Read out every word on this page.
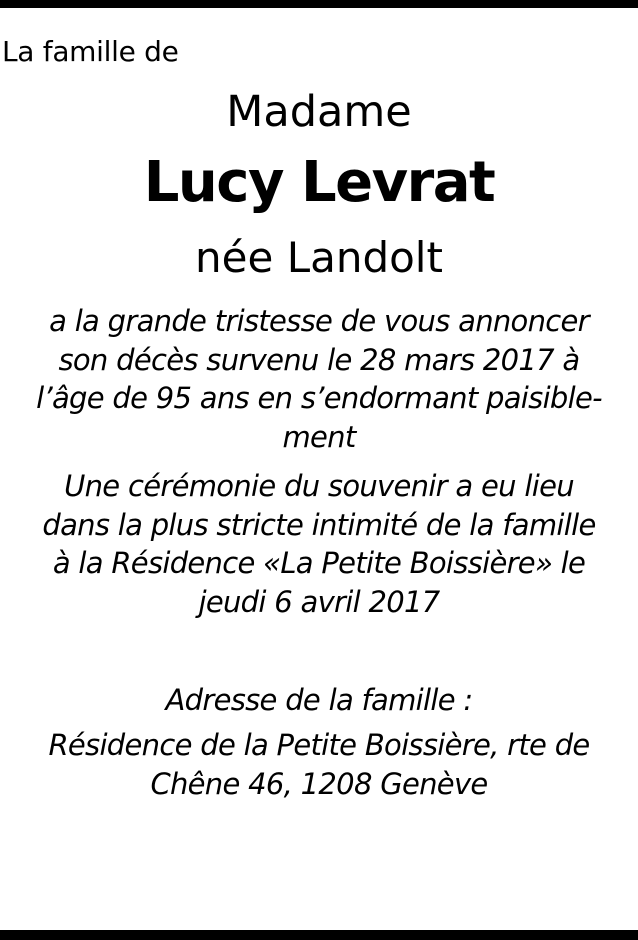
La famille de
Madame
Lucy Levrat
née Landolt
a la grande tristesse de vous annoncer
son décès survenu le 28 mars 2017 à
l’âge de 95 ans en s’endormant paisible-
ment
Une cérémonie du souvenir a eu lieu
dans la plus stricte intimité de la famille
à la Résidence «La Petite Boissière» le
jeudi 6 avril 2017
Adresse de la famille :
Résidence de la Petite Boissière, rte de
Chêne 46, 1208 Genève
